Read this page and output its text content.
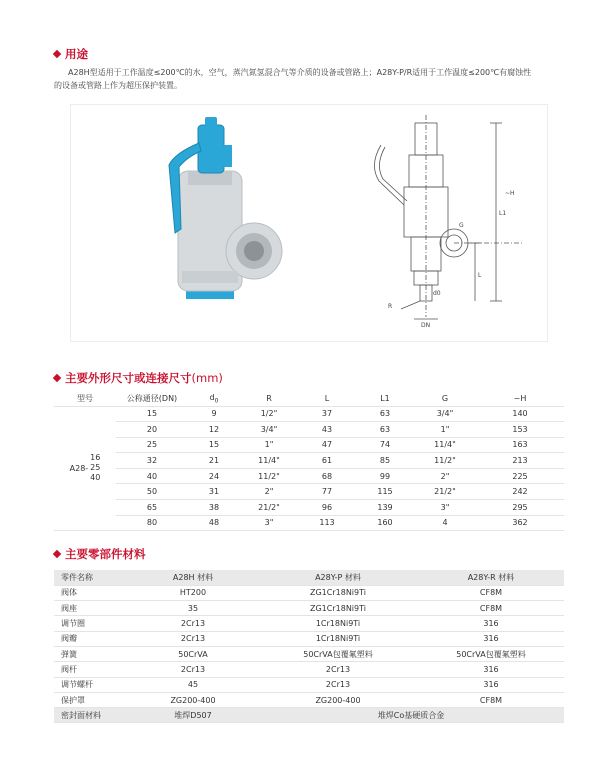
用途

A28H型适用于工作温度≤200℃的水，空气，蒸汽氮氢混合气等介质的设备或管路上；A28Y-P/R适用于工作温度≤200℃有腐蚀性

的设备或管路上作为超压保护装置。

R
L
L1
G
~H
DN
d0
主要外形尺寸或连接尺寸(mm)
型号	公称通径(DN)	$d_0$	R	L	L1	G	~H

A28-
16
25
40	15	9	1/2"	37	63	3/4"	140
	20	12	3/4"	43	63	1"	153
	25	15	1"	47	74	11/4"	163
	32	21	11/4"	61	85	11/2"	213
	40	24	11/2"	68	99	2"	225
	50	31	2"	77	115	21/2"	242
	65	38	21/2"	96	139	3"	295
	80	48	3"	113	160	4	362
主要零部件材料
零件名称	A28H 材料	A28Y-P 材料	A28Y-R 材料
阀体	HT200	ZG1Cr18Ni9Ti	CF8M
阀座	35	ZG1Cr18Ni9Ti	CF8M
调节圈	2Cr13	1Cr18Ni9Ti	316
阀瓣	2Cr13	1Cr18Ni9Ti	316
弹簧	50CrVA	50CrVA包覆氟塑料	50CrVA包覆氟塑料
阀杆	2Cr13	2Cr13	316
调节螺杆	45	2Cr13	316
保护罩	ZG200-400	ZG200-400	CF8M
密封面材料	堆焊D507	堆焊Co基硬质合金	
